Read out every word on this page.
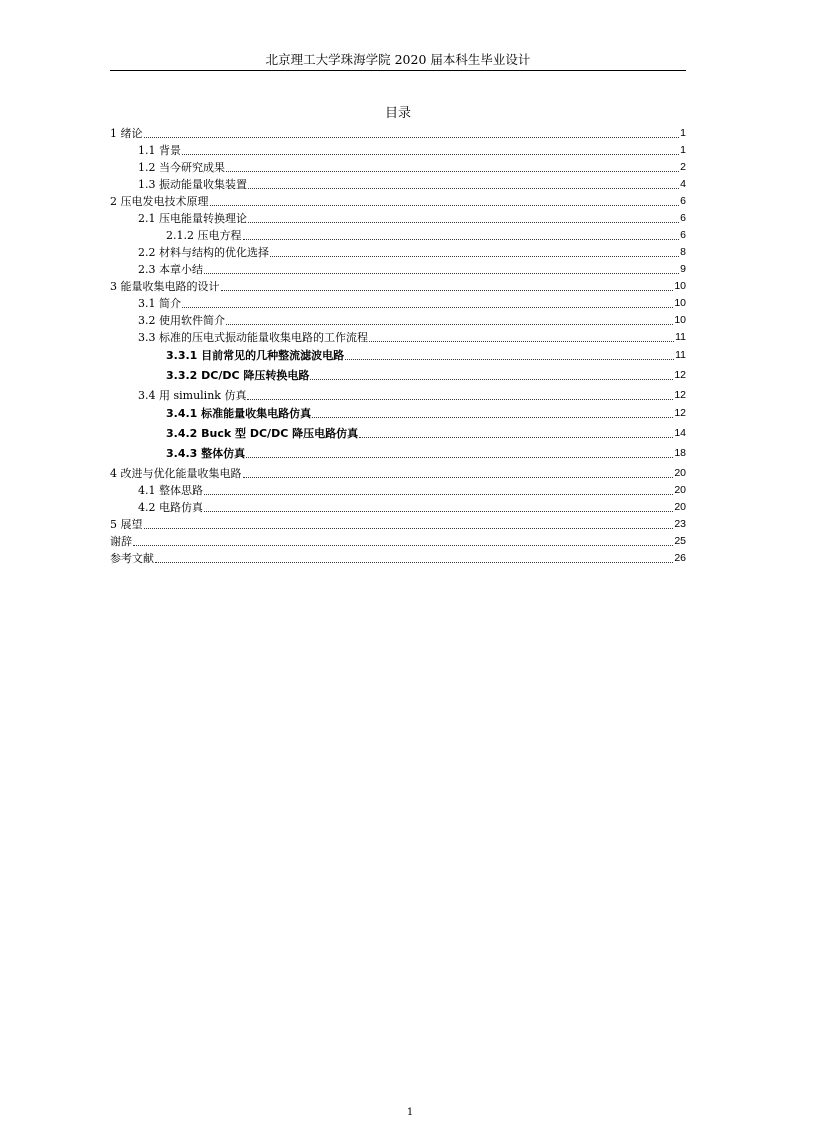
北京理工大学珠海学院 2020 届本科生毕业设计
目录
1 绪论	1
1.1 背景	1
1.2 当今研究成果	2
1.3 振动能量收集装置	4
2 压电发电技术原理	6
2.1 压电能量转换理论	6
2.1.2 压电方程	6
2.2 材料与结构的优化选择	8
2.3 本章小结	9
3 能量收集电路的设计	10
3.1 简介	10
3.2 使用软件简介	10
3.3 标准的压电式振动能量收集电路的工作流程	11
3.3.1 目前常见的几种整流滤波电路	11
3.3.2 DC/DC 降压转换电路	12
3.4 用 simulink 仿真	12
3.4.1 标准能量收集电路仿真	12
3.4.2 Buck 型 DC/DC 降压电路仿真	14
3.4.3 整体仿真	18
4 改进与优化能量收集电路	20
4.1 整体思路	20
4.2 电路仿真	20
5 展望	23
谢辞	25
参考文献	26
1
